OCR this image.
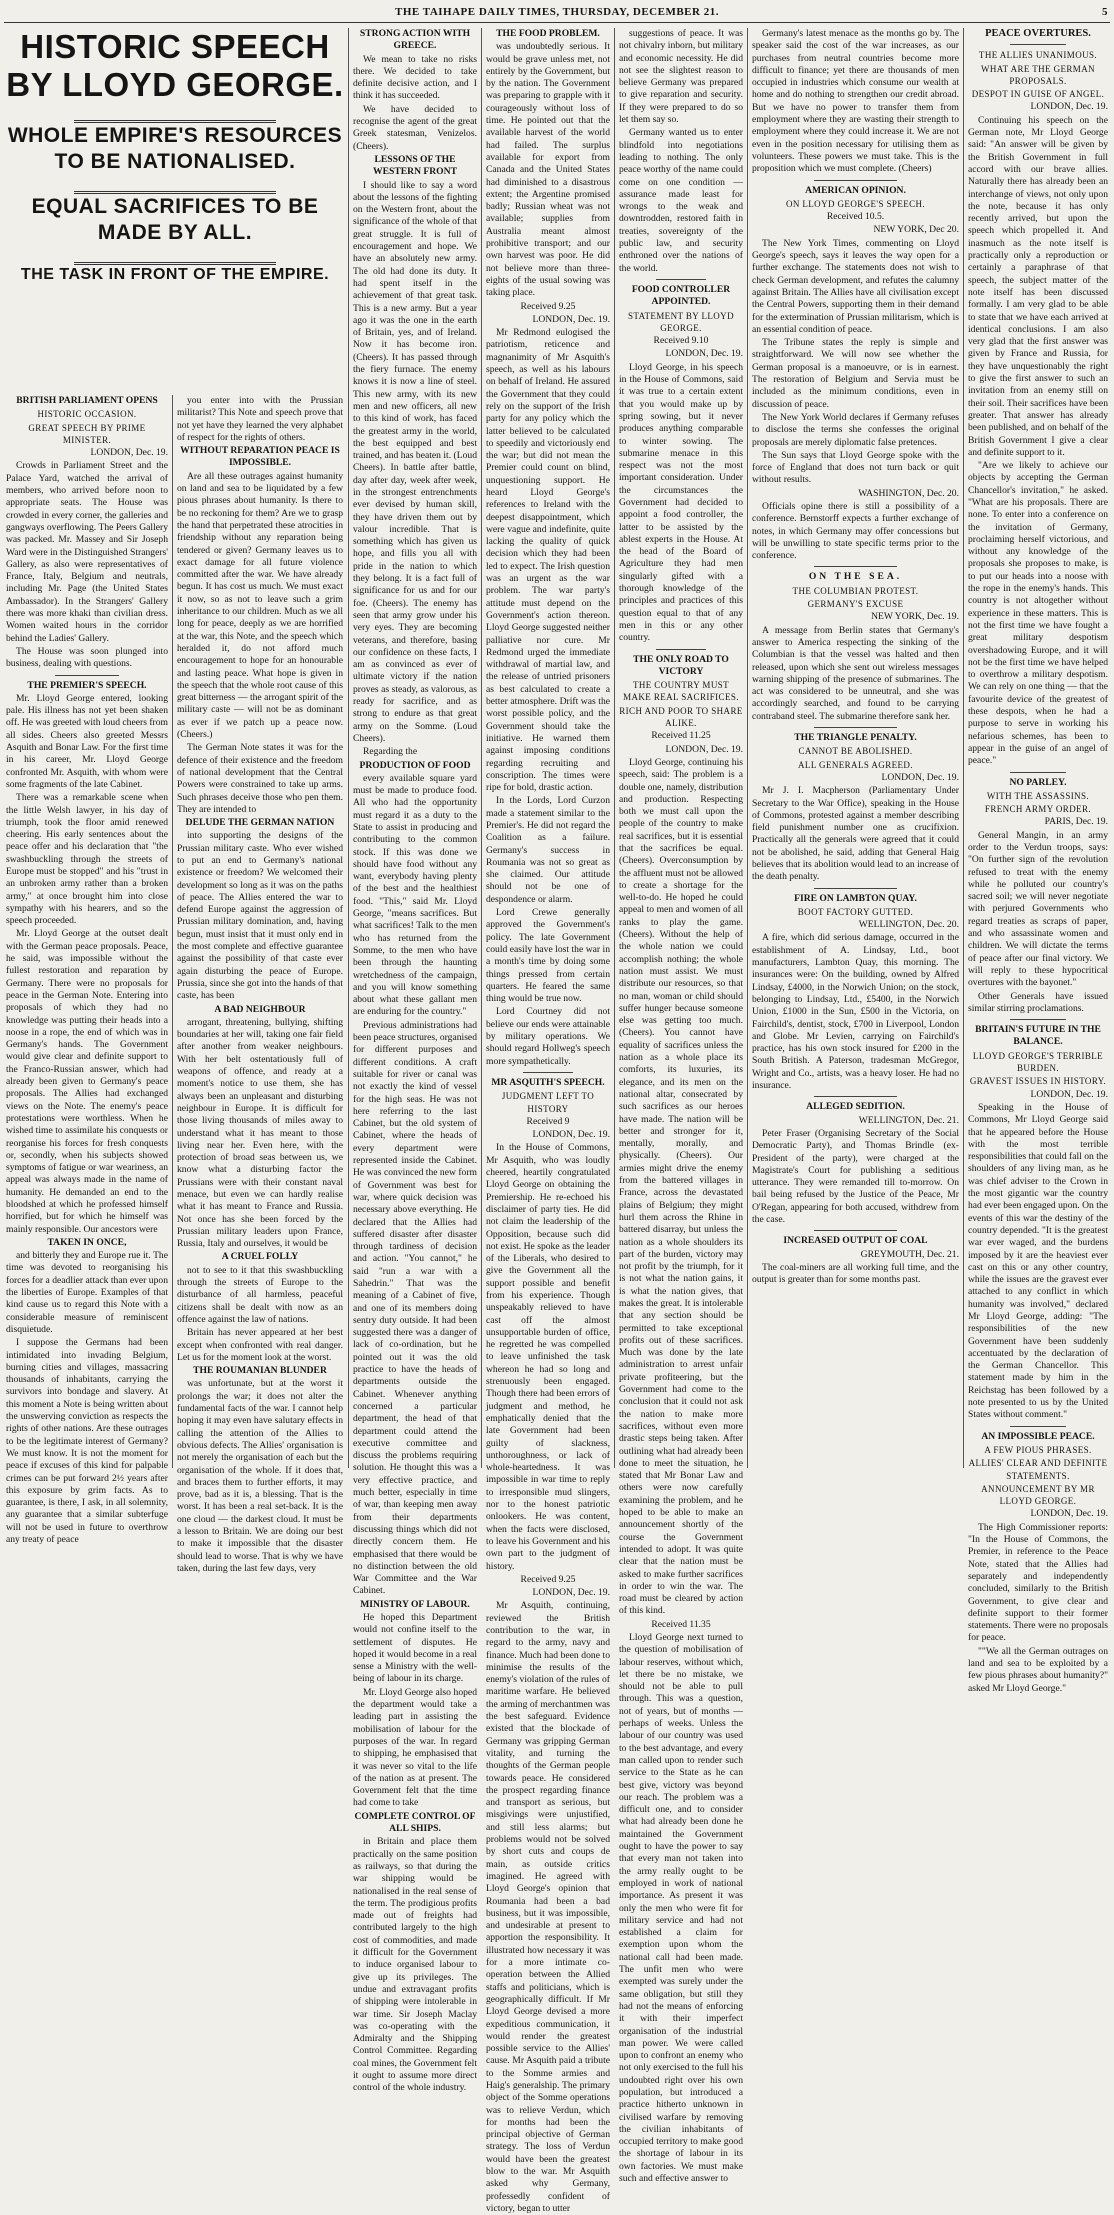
THE TAIHAPE DAILY TIMES, THURSDAY, DECEMBER 21.	5

HISTORIC SPEECH BY LLOYD GEORGE.

WHOLE EMPIRE'S RESOURCES TO BE NATIONALISED.

EQUAL SACRIFICES TO BE MADE BY ALL.

THE TASK IN FRONT OF THE EMPIRE.

BRITISH PARLIAMENT OPENS

HISTORIC OCCASION.

GREAT SPEECH BY PRIME MINISTER.

LONDON, Dec. 19.

Crowds in Parliament Street and the Palace Yard, watched the arrival of members, who arrived before noon to appropriate seats. The House was crowded in every corner, the galleries and gangways overflowing. The Peers Gallery was packed. Mr. Massey and Sir Joseph Ward were in the Distinguished Strangers' Gallery, as also were representatives of France, Italy, Belgium and neutrals, including Mr. Page (the United States Ambassador). In the Strangers' Gallery there was more khaki than civilian dress. Women waited hours in the corridor behind the Ladies' Gallery.

The House was soon plunged into business, dealing with questions.

THE PREMIER'S SPEECH.

Mr. Lloyd George entered, looking pale. His illness has not yet been shaken off. He was greeted with loud cheers from all sides. Cheers also greeted Messrs Asquith and Bonar Law. For the first time in his career, Mr. Lloyd George confronted Mr. Asquith, with whom were some fragments of the late Cabinet.

There was a remarkable scene when the little Welsh lawyer, in his day of triumph, took the floor amid renewed cheering. His early sentences about the peace offer and his declaration that "the swashbuckling through the streets of Europe must be stopped" and his "trust in an unbroken army rather than a broken army," at once brought him into close sympathy with his hearers, and so the speech proceeded.

Mr. Lloyd George at the outset dealt with the German peace proposals. Peace, he said, was impossible without the fullest restoration and reparation by Germany. There were no proposals for peace in the German Note. Entering into proposals of which they had no knowledge was putting their heads into a noose in a rope, the end of which was in Germany's hands. The Government would give clear and definite support to the Franco-Russian answer, which had already been given to Germany's peace proposals. The Allies had exchanged views on the Note. The enemy's peace protestations were worthless. When he wished time to assimilate his conquests or reorganise his forces for fresh conquests or, secondly, when his subjects showed symptoms of fatigue or war weariness, an appeal was always made in the name of humanity. He demanded an end to the bloodshed at which he professed himself horrified, but for which he himself was mainly responsible. Our ancestors were

TAKEN IN ONCE,

and bitterly they and Europe rue it. The time was devoted to reorganising his forces for a deadlier attack than ever upon the liberties of Europe. Examples of that kind cause us to regard this Note with a considerable measure of reminiscent disquietude.

I suppose the Germans had been intimidated into invading Belgium, burning cities and villages, massacring thousands of inhabitants, carrying the survivors into bondage and slavery. At this moment a Note is being written about the unswerving conviction as respects the rights of other nations. Are these outrages to be the legitimate interest of Germany? We must know. It is not the moment for peace if excuses of this kind for palpable crimes can be put forward 2½ years after this exposure by grim facts. As to guarantee, is there, I ask, in all solemnity, any guarantee that a similar subterfuge will not be used in future to overthrow any treaty of peace

you enter into with the Prussian militarist? This Note and speech prove that not yet have they learned the very alphabet of respect for the rights of others.

WITHOUT REPARATION PEACE IS IMPOSSIBLE.

Are all these outrages against humanity on land and sea to be liquidated by a few pious phrases about humanity. Is there to be no reckoning for them? Are we to grasp the hand that perpetrated these atrocities in friendship without any reparation being tendered or given? Germany leaves us to exact damage for all future violence committed after the war. We have already begun. It has cost us much. We must exact it now, so as not to leave such a grim inheritance to our children. Much as we all long for peace, deeply as we are horrified at the war, this Note, and the speech which heralded it, do not afford much encouragement to hope for an honourable and lasting peace. What hope is given in the speech that the whole root cause of this great bitterness — the arrogant spirit of the military caste — will not be as dominant as ever if we patch up a peace now. (Cheers.)

The German Note states it was for the defence of their existence and the freedom of national development that the Central Powers were constrained to take up arms. Such phrases deceive those who pen them. They are intended to

DELUDE THE GERMAN NATION

into supporting the designs of the Prussian military caste. Who ever wished to put an end to Germany's national existence or freedom? We welcomed their development so long as it was on the paths of peace. The Allies entered the war to defend Europe against the aggression of Prussian military domination, and, having begun, must insist that it must only end in the most complete and effective guarantee against the possibility of that caste ever again disturbing the peace of Europe. Prussia, since she got into the hands of that caste, has been

A BAD NEIGHBOUR

arrogant, threatening, bullying, shifting boundaries at her will, taking one fair field after another from weaker neighbours. With her belt ostentatiously full of weapons of offence, and ready at a moment's notice to use them, she has always been an unpleasant and disturbing neighbour in Europe. It is difficult for those living thousands of miles away to understand what it has meant to those living near her. Even here, with the protection of broad seas between us, we know what a disturbing factor the Prussians were with their constant naval menace, but even we can hardly realise what it has meant to France and Russia. Not once has she been forced by the Prussian military leaders upon France, Russia, Italy and ourselves, it would be

A CRUEL FOLLY

not to see to it that this swashbuckling through the streets of Europe to the disturbance of all harmless, peaceful citizens shall be dealt with now as an offence against the law of nations.

Britain has never appeared at her best except when confronted with real danger. Let us for the moment look at the worst.

THE ROUMANIAN BLUNDER

was unfortunate, but at the worst it prolongs the war; it does not alter the fundamental facts of the war. I cannot help hoping it may even have salutary effects in calling the attention of the Allies to obvious defects. The Allies' organisation is not merely the organisation of each but the organisation of the whole. If it does that, and braces them to further efforts, it may prove, bad as it is, a blessing. That is the worst. It has been a real set-back. It is the one cloud — the darkest cloud. It must be a lesson to Britain. We are doing our best to make it impossible that the disaster should lead to worse. That is why we have taken, during the last few days, very

STRONG ACTION WITH GREECE.

We mean to take no risks there. We decided to take definite decisive action, and I think it has succeeded.

We have decided to recognise the agent of the great Greek statesman, Venizelos. (Cheers).

LESSONS OF THE WESTERN FRONT

I should like to say a word about the lessons of the fighting on the Western front, about the significance of the whole of that great struggle. It is full of encouragement and hope. We have an absolutely new army. The old had done its duty. It had spent itself in the achievement of that great task. This is a new army. But a year ago it was the one in the earth of Britain, yes, and of Ireland. Now it has become iron. (Cheers). It has passed through the fiery furnace. The enemy knows it is now a line of steel. This new army, with its new men and new officers, all new to this kind of work, has faced the greatest army in the world, the best equipped and best trained, and has beaten it. (Loud Cheers). In battle after battle, day after day, week after week, in the strongest entrenchments ever devised by human skill, they have driven them out by valour incredible. That is something which has given us hope, and fills you all with pride in the nation to which they belong. It is a fact full of significance for us and for our foe. (Cheers). The enemy has seen that army grow under his very eyes. They are becoming veterans, and therefore, basing our confidence on these facts, I am as convinced as ever of ultimate victory if the nation proves as steady, as valorous, as ready for sacrifice, and as strong to endure as that great army on the Somme. (Loud Cheers).

Regarding the

PRODUCTION OF FOOD

every available square yard must be made to produce food. All who had the opportunity must regard it as a duty to the State to assist in producing and contributing to the common stock. If this was done we should have food without any want, everybody having plenty of the best and the healthiest food. "This," said Mr. Lloyd George, "means sacrifices. But what sacrifices! Talk to the men who has returned from the Somme, to the men who have been through the haunting wretchedness of the campaign, and you will know something about what these gallant men are enduring for the country."

Previous administrations had been peace structures, organised for different purposes and different conditions. A craft suitable for river or canal was not exactly the kind of vessel for the high seas. He was not here referring to the last Cabinet, but the old system of Cabinet, where the heads of every department were represented inside the Cabinet. He was convinced the new form of Government was best for war, where quick decision was necessary above everything. He declared that the Allies had suffered disaster after disaster through tardiness of decision and action. "You cannot," he said "run a war with a Sahedrin." That was the meaning of a Cabinet of five, and one of its members doing sentry duty outside. It had been suggested there was a danger of lack of co-ordination, but he pointed out it was the old practice to have the heads of departments outside the Cabinet. Whenever anything concerned a particular department, the head of that department could attend the executive committee and discuss the problems requiring solution. He thought this was a very effective practice, and much better, especially in time of war, than keeping men away from their departments discussing things which did not directly concern them. He emphasised that there would be no distinction between the old War Committee and the War Cabinet.

MINISTRY OF LABOUR.

He hoped this Department would not confine itself to the settlement of disputes. He hoped it would become in a real sense a Ministry with the well-being of labour in its charge.

Mr. Lloyd George also hoped the department would take a leading part in assisting the mobilisation of labour for the purposes of the war. In regard to shipping, he emphasised that it was never so vital to the life of the nation as at present. The Government felt that the time had come to take

COMPLETE CONTROL OF ALL SHIPS.

in Britain and place them practically on the same position as railways, so that during the war shipping would be nationalised in the real sense of the term. The prodigious profits made out of freights had contributed largely to the high cost of commodities, and made it difficult for the Government to induce organised labour to give up its privileges. The undue and extravagant profits of shipping were intolerable in war time. Sir Joseph Maclay was co-operating with the Admiralty and the Shipping Control Committee. Regarding coal mines, the Government felt it ought to assume more direct control of the whole industry.

THE FOOD PROBLEM.

was undoubtedly serious. It would be grave unless met, not entirely by the Government, but by the nation. The Government was preparing to grapple with it courageously without loss of time. He pointed out that the available harvest of the world had failed. The surplus available for export from Canada and the United States had diminished to a disastrous extent; the Argentine promised badly; Russian wheat was not available; supplies from Australia meant almost prohibitive transport; and our own harvest was poor. He did not believe more than three-eights of the usual sowing was taking place.

Received 9.25

LONDON, Dec. 19.

Mr Redmond eulogised the patriotism, reticence and magnanimity of Mr Asquith's speech, as well as his labours on behalf of Ireland. He assured the Government that they could rely on the support of the Irish party for any policy which the latter believed to be calculated to speedily and victoriously end the war; but did not mean the Premier could count on blind, unquestioning support. He heard Lloyd George's references to Ireland with the deepest disappointment, which were vague and indefinite, quite lacking the quality of quick decision which they had been led to expect. The Irish question was an urgent as the war problem. The war party's attitude must depend on the Government's action thereon. Lloyd George suggested neither palliative nor cure. Mr Redmond urged the immediate withdrawal of martial law, and the release of untried prisoners as best calculated to create a better atmosphere. Drift was the worst possible policy, and the Government should take the initiative. He warned them against imposing conditions regarding recruiting and conscription. The times were ripe for bold, drastic action.

In the Lords, Lord Curzon made a statement similar to the Premier's. He did not regard the Coalition as a failure. Germany's success in Roumania was not so great as she claimed. Our attitude should not be one of despondence or alarm.

Lord Crewe generally approved the Government's policy. The late Government could easily have lost the war in a month's time by doing some things pressed from certain quarters. He feared the same thing would be true now.

Lord Courtney did not believe our ends were attainable by military operations. We should regard Hollweg's speech more sympathetically.

MR ASQUITH'S SPEECH.

JUDGMENT LEFT TO HISTORY

Received 9

LONDON, Dec. 19.

In the House of Commons, Mr Asquith, who was loudly cheered, heartily congratulated Lloyd George on obtaining the Premiership. He re-echoed his disclaimer of party ties. He did not claim the leadership of the Opposition, because such did not exist. He spoke as the leader of the Liberals, who desired to give the Government all the support possible and benefit from his experience. Though unspeakably relieved to have cast off the almost unsupportable burden of office, he regretted he was compelled to leave unfinished the task whereon he had so long and strenuously been engaged. Though there had been errors of judgment and method, he emphatically denied that the late Government had been guilty of slackness, unthoroughness, or lack of whole-heartedness. It was impossible in war time to reply to irresponsible mud slingers, nor to the honest patriotic onlookers. He was content, when the facts were disclosed, to leave his Government and his own part to the judgment of history.

Received 9.25

LONDON, Dec. 19.

Mr Asquith, continuing, reviewed the British contribution to the war, in regard to the army, navy and finance. Much had been done to minimise the results of the enemy's violation of the rules of maritime warfare. He believed the arming of merchantmen was the best safeguard. Evidence existed that the blockade of Germany was gripping German vitality, and turning the thoughts of the German people towards peace. He considered the prospect regarding finance and transport as serious, but misgivings were unjustified, and still less alarms; but problems would not be solved by short cuts and coups de main, as outside critics imagined. He agreed with Lloyd George's opinion that Roumania had been a bad business, but it was impossible, and undesirable at present to apportion the responsibility. It illustrated how necessary it was for a more intimate co-operation between the Allied staffs and politicians, which is geographically difficult. If Mr Lloyd George devised a more expeditious communication, it would render the greatest possible service to the Allies' cause. Mr Asquith paid a tribute to the Somme armies and Haig's generalship. The primary object of the Somme operations was to relieve Verdun, which for months had been the principal objective of German strategy. The loss of Verdun would have been the greatest blow to the war. Mr Asquith asked why Germany, professedly confident of victory, began to utter

suggestions of peace. It was not chivalry inborn, but military and economic necessity. He did not see the slightest reason to believe Germany was prepared to give reparation and security. If they were prepared to do so let them say so.

Germany wanted us to enter blindfold into negotiations leading to nothing. The only peace worthy of the name could come on one condition — assurance made least for wrongs to the weak and downtrodden, restored faith in treaties, sovereignty of the public law, and security enthroned over the nations of the world.

FOOD CONTROLLER APPOINTED.

STATEMENT BY LLOYD GEORGE.

Received 9.10

LONDON, Dec. 19.

Lloyd George, in his speech in the House of Commons, said it was true to a certain extent that you would make up by spring sowing, but it never produces anything comparable to winter sowing. The submarine menace in this respect was not the most important consideration. Under the circumstances the Government had decided to appoint a food controller, the latter to be assisted by the ablest experts in the House. At the head of the Board of Agriculture they had men singularly gifted with a thorough knowledge of the principles and practices of this question equal to that of any men in this or any other country.

THE ONLY ROAD TO VICTORY

THE COUNTRY MUST MAKE REAL SACRIFICES.

RICH AND POOR TO SHARE ALIKE.

Received 11.25

LONDON, Dec. 19.

Lloyd George, continuing his speech, said: The problem is a double one, namely, distribution and production. Respecting both we must call upon the people of the country to make real sacrifices, but it is essential that the sacrifices be equal. (Cheers). Overconsumption by the affluent must not be allowed to create a shortage for the well-to-do. He hoped he could appeal to men and women of all ranks to play the game. (Cheers). Without the help of the whole nation we could accomplish nothing; the whole nation must assist. We must distribute our resources, so that no man, woman or child should suffer hunger because someone else was getting too much. (Cheers). You cannot have equality of sacrifices unless the nation as a whole place its comforts, its luxuries, its elegance, and its men on the national altar, consecrated by such sacrifices as our heroes have made. The nation will be better and stronger for it, mentally, morally, and physically. (Cheers). Our armies might drive the enemy from the battered villages in France, across the devastated plains of Belgium; they might hurl them across the Rhine in battered disarray, but unless the nation as a whole shoulders its part of the burden, victory may not profit by the triumph, for it is not what the nation gains, it is what the nation gives, that makes the great. It is intolerable that any section should be permitted to take exceptional profits out of these sacrifices. Much was done by the late administration to arrest unfair private profiteering, but the Government had come to the conclusion that it could not ask the nation to make more sacrifices, without even more drastic steps being taken. After outlining what had already been done to meet the situation, he stated that Mr Bonar Law and others were now carefully examining the problem, and he hoped to be able to make an announcement shortly of the course the Government intended to adopt. It was quite clear that the nation must be asked to make further sacrifices in order to win the war. The road must be cleared by action of this kind.

Received 11.35

Lloyd George next turned to the question of mobilisation of labour reserves, without which, let there be no mistake, we should not be able to pull through. This was a question, not of years, but of months — perhaps of weeks. Unless the labour of our country was used to the best advantage, and every man called upon to render such service to the State as he can best give, victory was beyond our reach. The problem was a difficult one, and to consider what had already been done he maintained the Government ought to have the power to say that every man not taken into the army really ought to be employed in work of national importance. As present it was only the men who were fit for military service and had not established a claim for exemption upon whom the national call had been made. The unfit men who were exempted was surely under the same obligation, but still they had not the means of enforcing it with their imperfect organisation of the industrial man power. We were called upon to confront an enemy who not only exercised to the full his undoubted right over his own population, but introduced a practice hitherto unknown in civilised warfare by removing the civilian inhabitants of occupied territory to make good the shortage of labour in its own factories. We must make such and effective answer to

Germany's latest menace as the months go by. The speaker said the cost of the war increases, as our purchases from neutral countries become more difficult to finance; yet there are thousands of men occupied in industries which consume our wealth at home and do nothing to strengthen our credit abroad. But we have no power to transfer them from employment where they are wasting their strength to employment where they could increase it. We are not even in the position necessary for utilising them as volunteers. These powers we must take. This is the proposition which we must complete. (Cheers)

AMERICAN OPINION.

ON LLOYD GEORGE'S SPEECH.

Received 10.5.

NEW YORK, Dec 20.

The New York Times, commenting on Lloyd George's speech, says it leaves the way open for a further exchange. The statements does not wish to check German development, and refutes the calumny against Britain. The Allies have all civilisation except the Central Powers, supporting them in their demand for the extermination of Prussian militarism, which is an essential condition of peace.

The Tribune states the reply is simple and straightforward. We will now see whether the German proposal is a manoeuvre, or is in earnest. The restoration of Belgium and Servia must be included as the minimum conditions, even in discussion of peace.

The New York World declares if Germany refuses to disclose the terms she confesses the original proposals are merely diplomatic false pretences.

The Sun says that Lloyd George spoke with the force of England that does not turn back or quit without results.

WASHINGTON, Dec. 20.

Officials opine there is still a possibility of a conference. Bernstorff expects a further exchange of notes, in which Germany may offer concessions but will be unwilling to state specific terms prior to the conference.

ON THE SEA.

THE COLUMBIAN PROTEST.

GERMANY'S EXCUSE

NEW YORK, Dec. 19.

A message from Berlin states that Germany's answer to America respecting the sinking of the Columbian is that the vessel was halted and then released, upon which she sent out wireless messages warning shipping of the presence of submarines. The act was considered to be unneutral, and she was accordingly searched, and found to be carrying contraband steel. The submarine therefore sank her.

THE TRIANGLE PENALTY.

CANNOT BE ABOLISHED.

ALL GENERALS AGREED.

LONDON, Dec. 19.

Mr J. I. Macpherson (Parliamentary Under Secretary to the War Office), speaking in the House of Commons, protested against a member describing field punishment number one as crucifixion. Practically all the generals were agreed that it could not be abolished, he said, adding that General Haig believes that its abolition would lead to an increase of the death penalty.

FIRE ON LAMBTON QUAY.

BOOT FACTORY GUTTED.

WELLINGTON, Dec. 20.

A fire, which did serious damage, occurred in the establishment of A. Lindsay, Ltd., boot manufacturers, Lambton Quay, this morning. The insurances were: On the building, owned by Alfred Lindsay, £4000, in the Norwich Union; on the stock, belonging to Lindsay, Ltd., £5400, in the Norwich Union, £1000 in the Sun, £500 in the Victoria, on Fairchild's, dentist, stock, £700 in Liverpool, London and Globe. Mr Levien, carrying on Fairchild's practice, has his own stock insured for £200 in the South British. A Paterson, tradesman McGregor, Wright and Co., artists, was a heavy loser. He had no insurance.

ALLEGED SEDITION.

WELLINGTON, Dec. 21.

Peter Fraser (Organising Secretary of the Social Democratic Party), and Thomas Brindle (ex-President of the party), were charged at the Magistrate's Court for publishing a seditious utterance. They were remanded till to-morrow. On bail being refused by the Justice of the Peace, Mr O'Regan, appearing for both accused, withdrew from the case.

INCREASED OUTPUT OF COAL

GREYMOUTH, Dec. 21.

The coal-miners are all working full time, and the output is greater than for some months past.

PEACE OVERTURES.

THE ALLIES UNANIMOUS.

WHAT ARE THE GERMAN PROPOSALS.

DESPOT IN GUISE OF ANGEL.

LONDON, Dec. 19.

Continuing his speech on the German note, Mr Lloyd George said: "An answer will be given by the British Government in full accord with our brave allies. Naturally there has already been an interchange of views, not only upon the note, because it has only recently arrived, but upon the speech which propelled it. And inasmuch as the note itself is practically only a reproduction or certainly a paraphrase of that speech, the subject matter of the note itself has been discussed formally. I am very glad to be able to state that we have each arrived at identical conclusions. I am also very glad that the first answer was given by France and Russia, for they have unquestionably the right to give the first answer to such an invitation from an enemy still on their soil. Their sacrifices have been greater. That answer has already been published, and on behalf of the British Government I give a clear and definite support to it.

"Are we likely to achieve our objects by accepting the German Chancellor's invitation," he asked. "What are his proposals. There are none. To enter into a conference on the invitation of Germany, proclaiming herself victorious, and without any knowledge of the proposals she proposes to make, is to put our heads into a noose with the rope in the enemy's hands. This country is not altogether without experience in these matters. This is not the first time we have fought a great military despotism overshadowing Europe, and it will not be the first time we have helped to overthrow a military despotism. We can rely on one thing — that the favourite device of the greatest of these despots, when he had a purpose to serve in working his nefarious schemes, has been to appear in the guise of an angel of peace."

NO PARLEY.

WITH THE ASSASSINS.

FRENCH ARMY ORDER.

PARIS, Dec. 19.

General Mangin, in an army order to the Verdun troops, says: "On further sign of the revolution refused to treat with the enemy while he polluted our country's sacred soil; we will never negotiate with perjured Governments who regard treaties as scraps of paper, and who assassinate women and children. We will dictate the terms of peace after our final victory. We will reply to these hypocritical overtures with the bayonet."

Other Generals have issued similar stirring proclamations.

BRITAIN'S FUTURE IN THE BALANCE.

LLOYD GEORGE'S TERRIBLE BURDEN.

GRAVEST ISSUES IN HISTORY.

LONDON, Dec. 19.

Speaking in the House of Commons, Mr Lloyd George said that he appeared before the House with the most terrible responsibilities that could fall on the shoulders of any living man, as he was chief adviser to the Crown in the most gigantic war the country had ever been engaged upon. On the events of this war the destiny of the country depended. "It is the greatest war ever waged, and the burdens imposed by it are the heaviest ever cast on this or any other country, while the issues are the gravest ever attached to any conflict in which humanity was involved," declared Mr Lloyd George, adding: "The responsibilities of the new Government have been suddenly accentuated by the declaration of the German Chancellor. This statement made by him in the Reichstag has been followed by a note presented to us by the United States without comment."

AN IMPOSSIBLE PEACE.

A FEW PIOUS PHRASES.

ALLIES' CLEAR AND DEFINITE STATEMENTS.

ANNOUNCEMENT BY MR LLOYD GEORGE.

LONDON, Dec. 19.

The High Commissioner reports: "In the House of Commons, the Premier, in reference to the Peace Note, stated that the Allies had separately and independently concluded, similarly to the British Government, to give clear and definite support to their former statements. There were no proposals for peace.

""We all the German outrages on land and sea to be exploited by a few pious phrases about humanity?" asked Mr Lloyd George."
